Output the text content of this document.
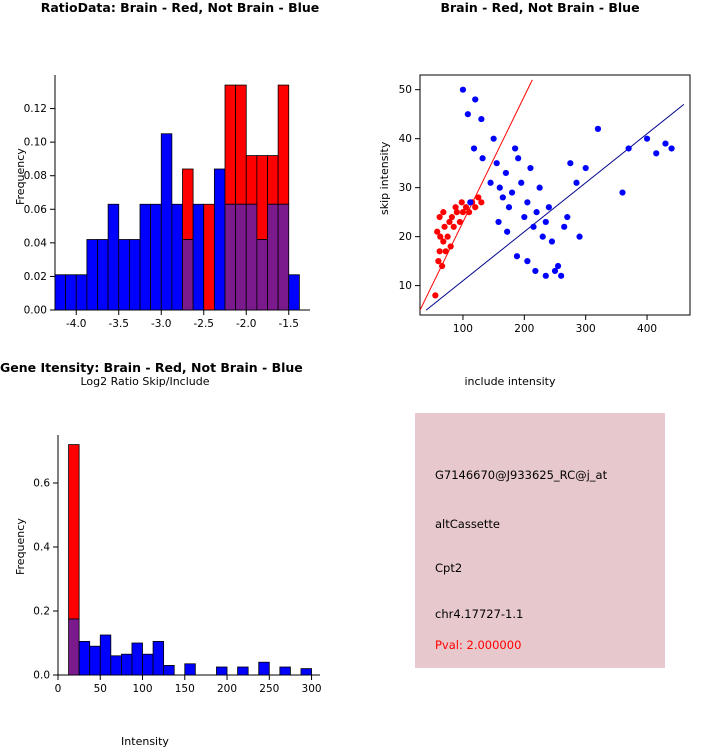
RatioData: Brain - Red, Not Brain - Blue
-4.0 -3.5 -3.0 -2.5 -2.0 -1.5
0.00
0.02
0.04
0.06
0.08
0.10
0.12
Frequency
Log2 Ratio Skip/Include
Brain - Red, Not Brain - Blue
100	200	300	400
10
20
30
40
50
skip intensity
include intensity
Gene Itensity: Brain - Red, Not Brain - Blue
0	50 100 150 200 250 300
0.0
0.2
0.4
0.6
Frequency
Intensity
G7146670@J933625_RC@j_at
altCassette
Cpt2
chr4.17727-1.1
Pval: 2.000000
